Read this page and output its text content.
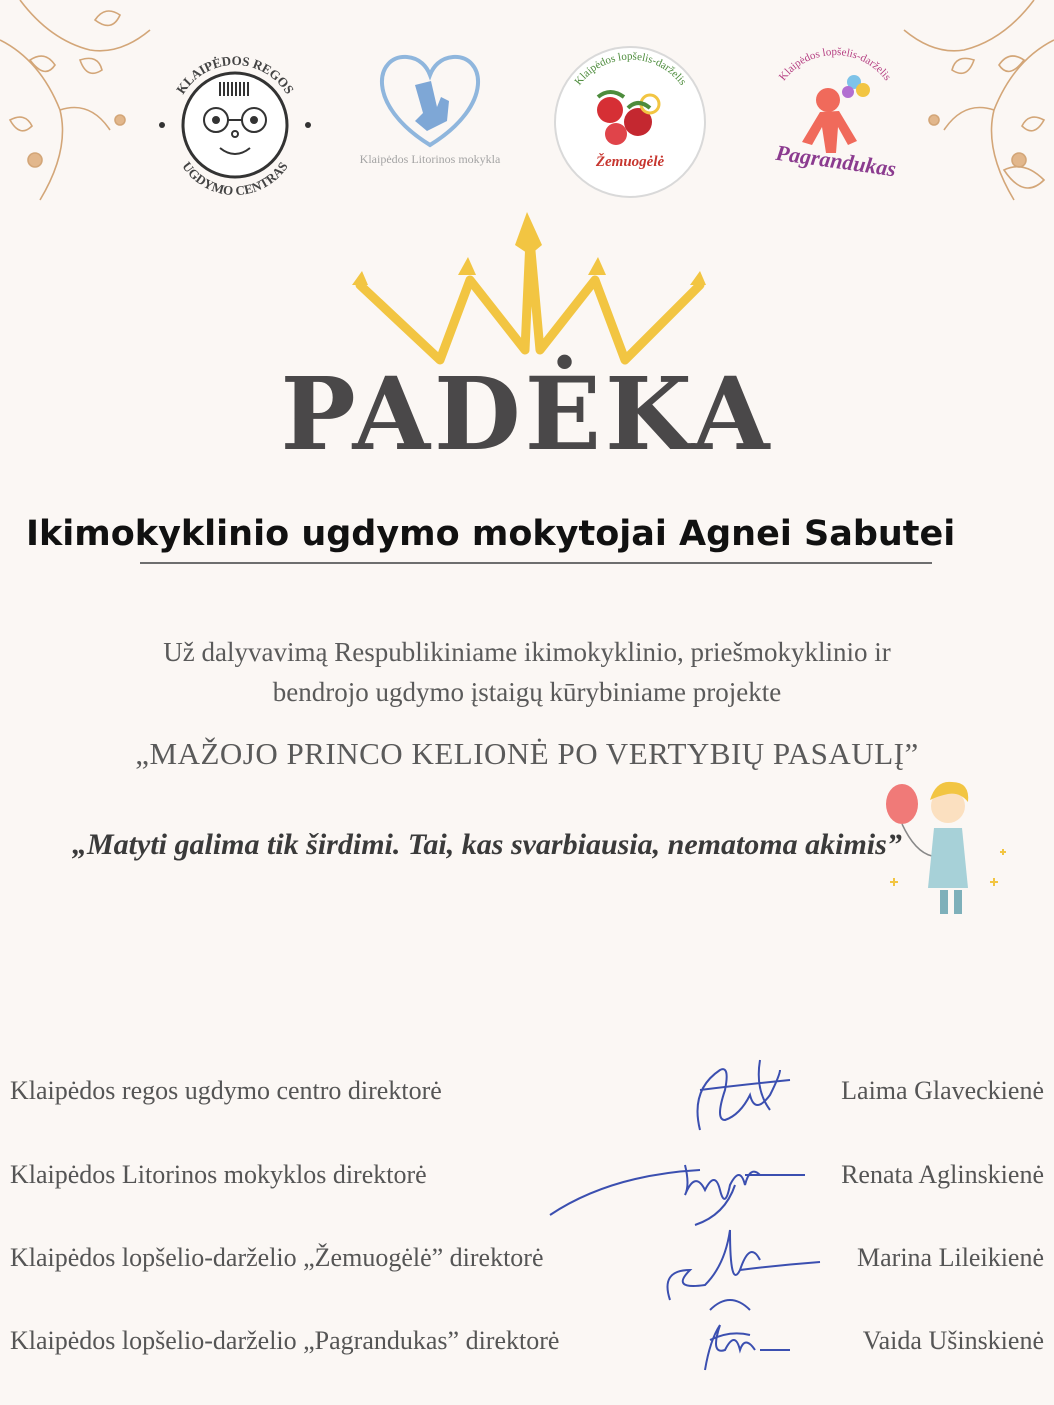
KLAIPĖDOS REGOS
UGDYMO CENTRAS	Klaipėdos Litorinos mokykla
Klaipėdos lopšelis-darželis
Žemuogėlė
Klaipėdos lopšelis-darželis
Pagrandukas
PADĖKA
Ikimokyklinio ugdymo mokytojai Agnei Sabutei
Už dalyvavimą Respublikiniame ikimokyklinio, priešmokyklinio ir
bendrojo ugdymo įstaigų kūrybiniame projekte
„MAŽOJO PRINCO KELIONĖ PO VERTYBIŲ PASAULĮ”
„Matyti galima tik širdimi. Tai, kas svarbiausia, nematoma akimis”
Klaipėdos regos ugdymo centro direktorė	Laima Glaveckienė
Klaipėdos Litorinos mokyklos direktorė	Renata Aglinskienė
Klaipėdos lopšelio-darželio „Žemuogėlė” direktorė	Marina Lileikienė
Klaipėdos lopšelio-darželio „Pagrandukas” direktorė	Vaida Ušinskienė
